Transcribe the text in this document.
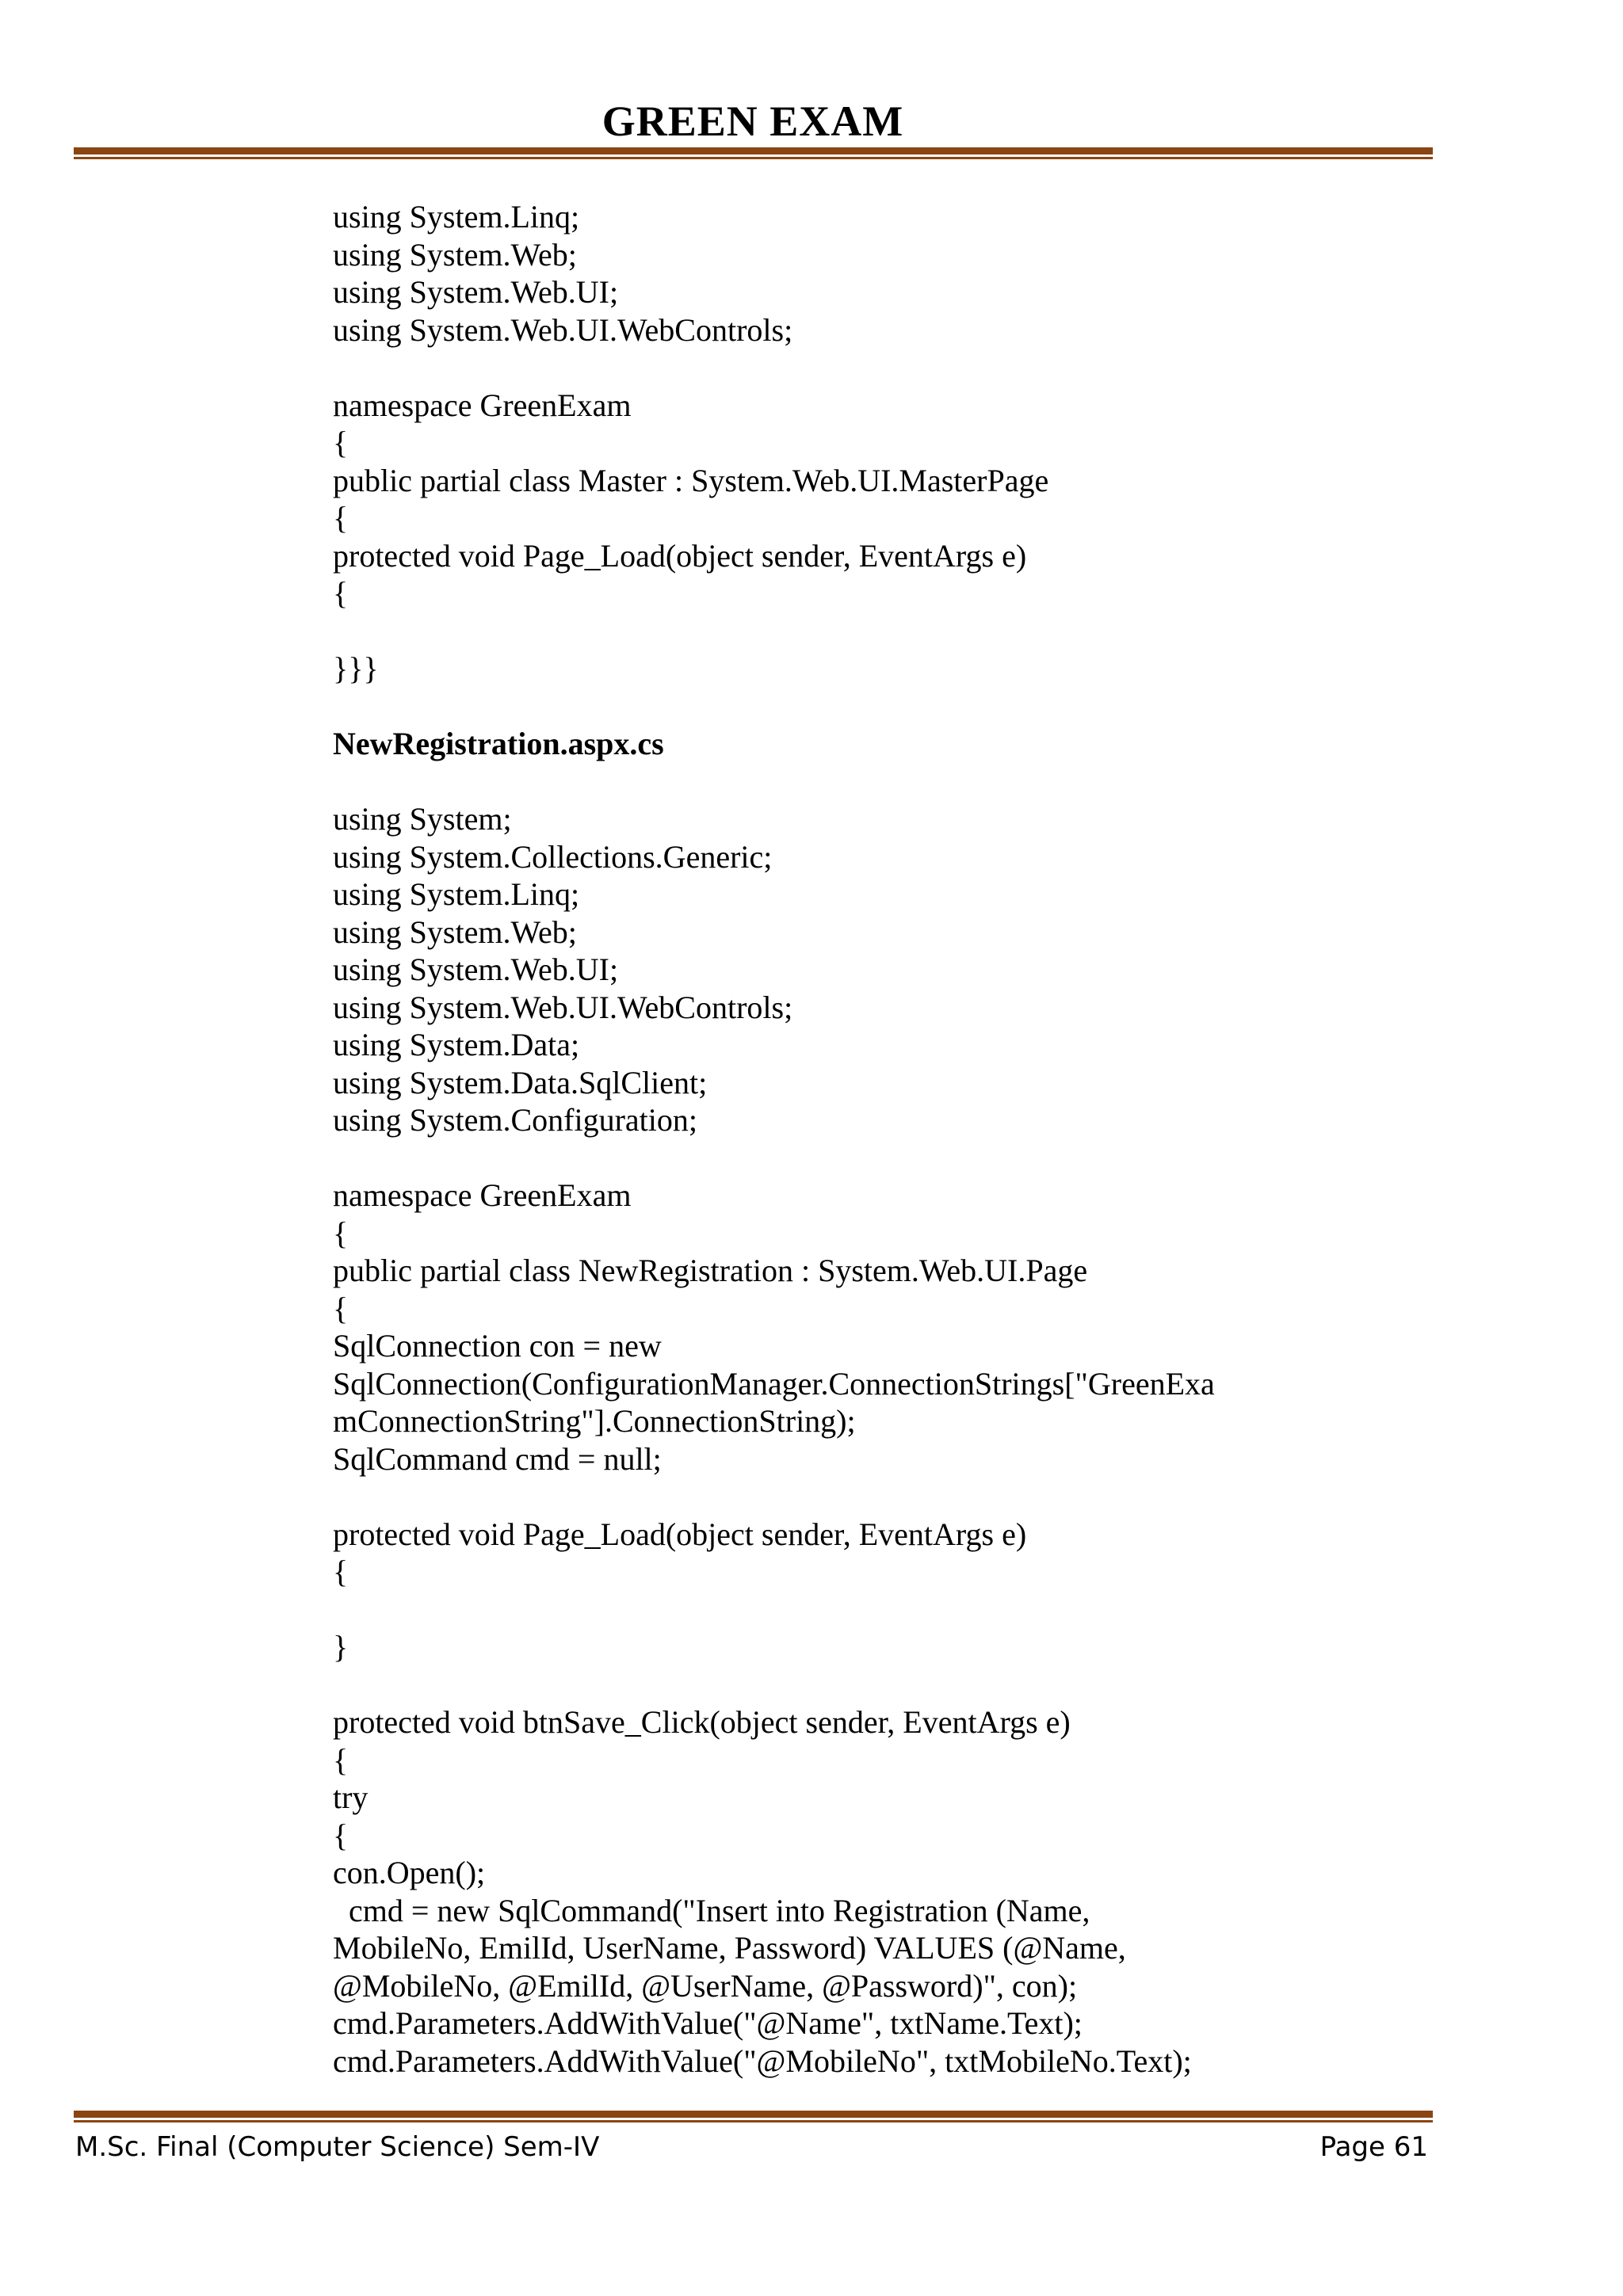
GREEN EXAM
using System.Linq;
using System.Web;
using System.Web.UI;
using System.Web.UI.WebControls;
namespace GreenExam
{
public partial class Master : System.Web.UI.MasterPage
{
protected void Page_Load(object sender, EventArgs e)
{
}}}
NewRegistration.aspx.cs
using System;
using System.Collections.Generic;
using System.Linq;
using System.Web;
using System.Web.UI;
using System.Web.UI.WebControls;
using System.Data;
using System.Data.SqlClient;
using System.Configuration;
namespace GreenExam
{
public partial class NewRegistration : System.Web.UI.Page
{
SqlConnection con = new
SqlConnection(ConfigurationManager.ConnectionStrings["GreenExa
mConnectionString"].ConnectionString);
SqlCommand cmd = null;
protected void Page_Load(object sender, EventArgs e)
{
}
protected void btnSave_Click(object sender, EventArgs e)
{
try
{
con.Open();
cmd = new SqlCommand("Insert into Registration (Name,
MobileNo, EmilId, UserName, Password) VALUES (@Name,
@MobileNo, @EmilId, @UserName, @Password)", con);
cmd.Parameters.AddWithValue("@Name", txtName.Text);
cmd.Parameters.AddWithValue("@MobileNo", txtMobileNo.Text);
M.Sc. Final (Computer Science) Sem-IV	Page 61
